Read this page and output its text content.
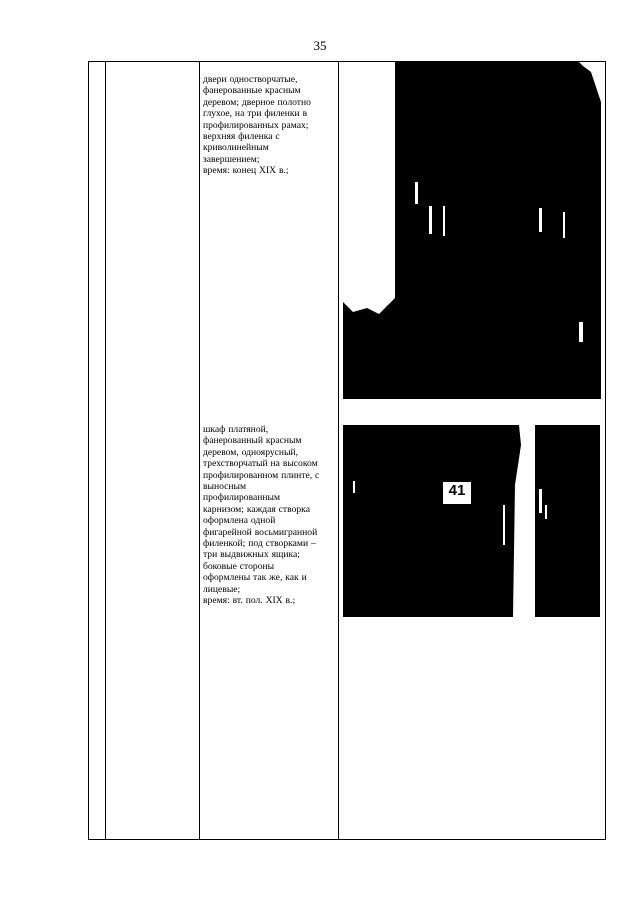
35
двери одностворчатые,
фанерованные красным
деревом; дверное полотно
глухое, на три филенки в
профилированных рамах;
верхняя филенка с
криволинейным
завершением;
время: конец XIX в.;
шкаф платяной,
фанерованный красным
деревом, одноярусный,
трехстворчатый на высоком
профилированном плинте, с
выносным
профилированным
карнизом; каждая створка
оформлена одной
фигарейной восьмигранной
филенкой; под створками –
три выдвижных ящика;
боковые стороны
оформлены так же, как и
лицевые;
время: вт. пол. XIX в.;
41
